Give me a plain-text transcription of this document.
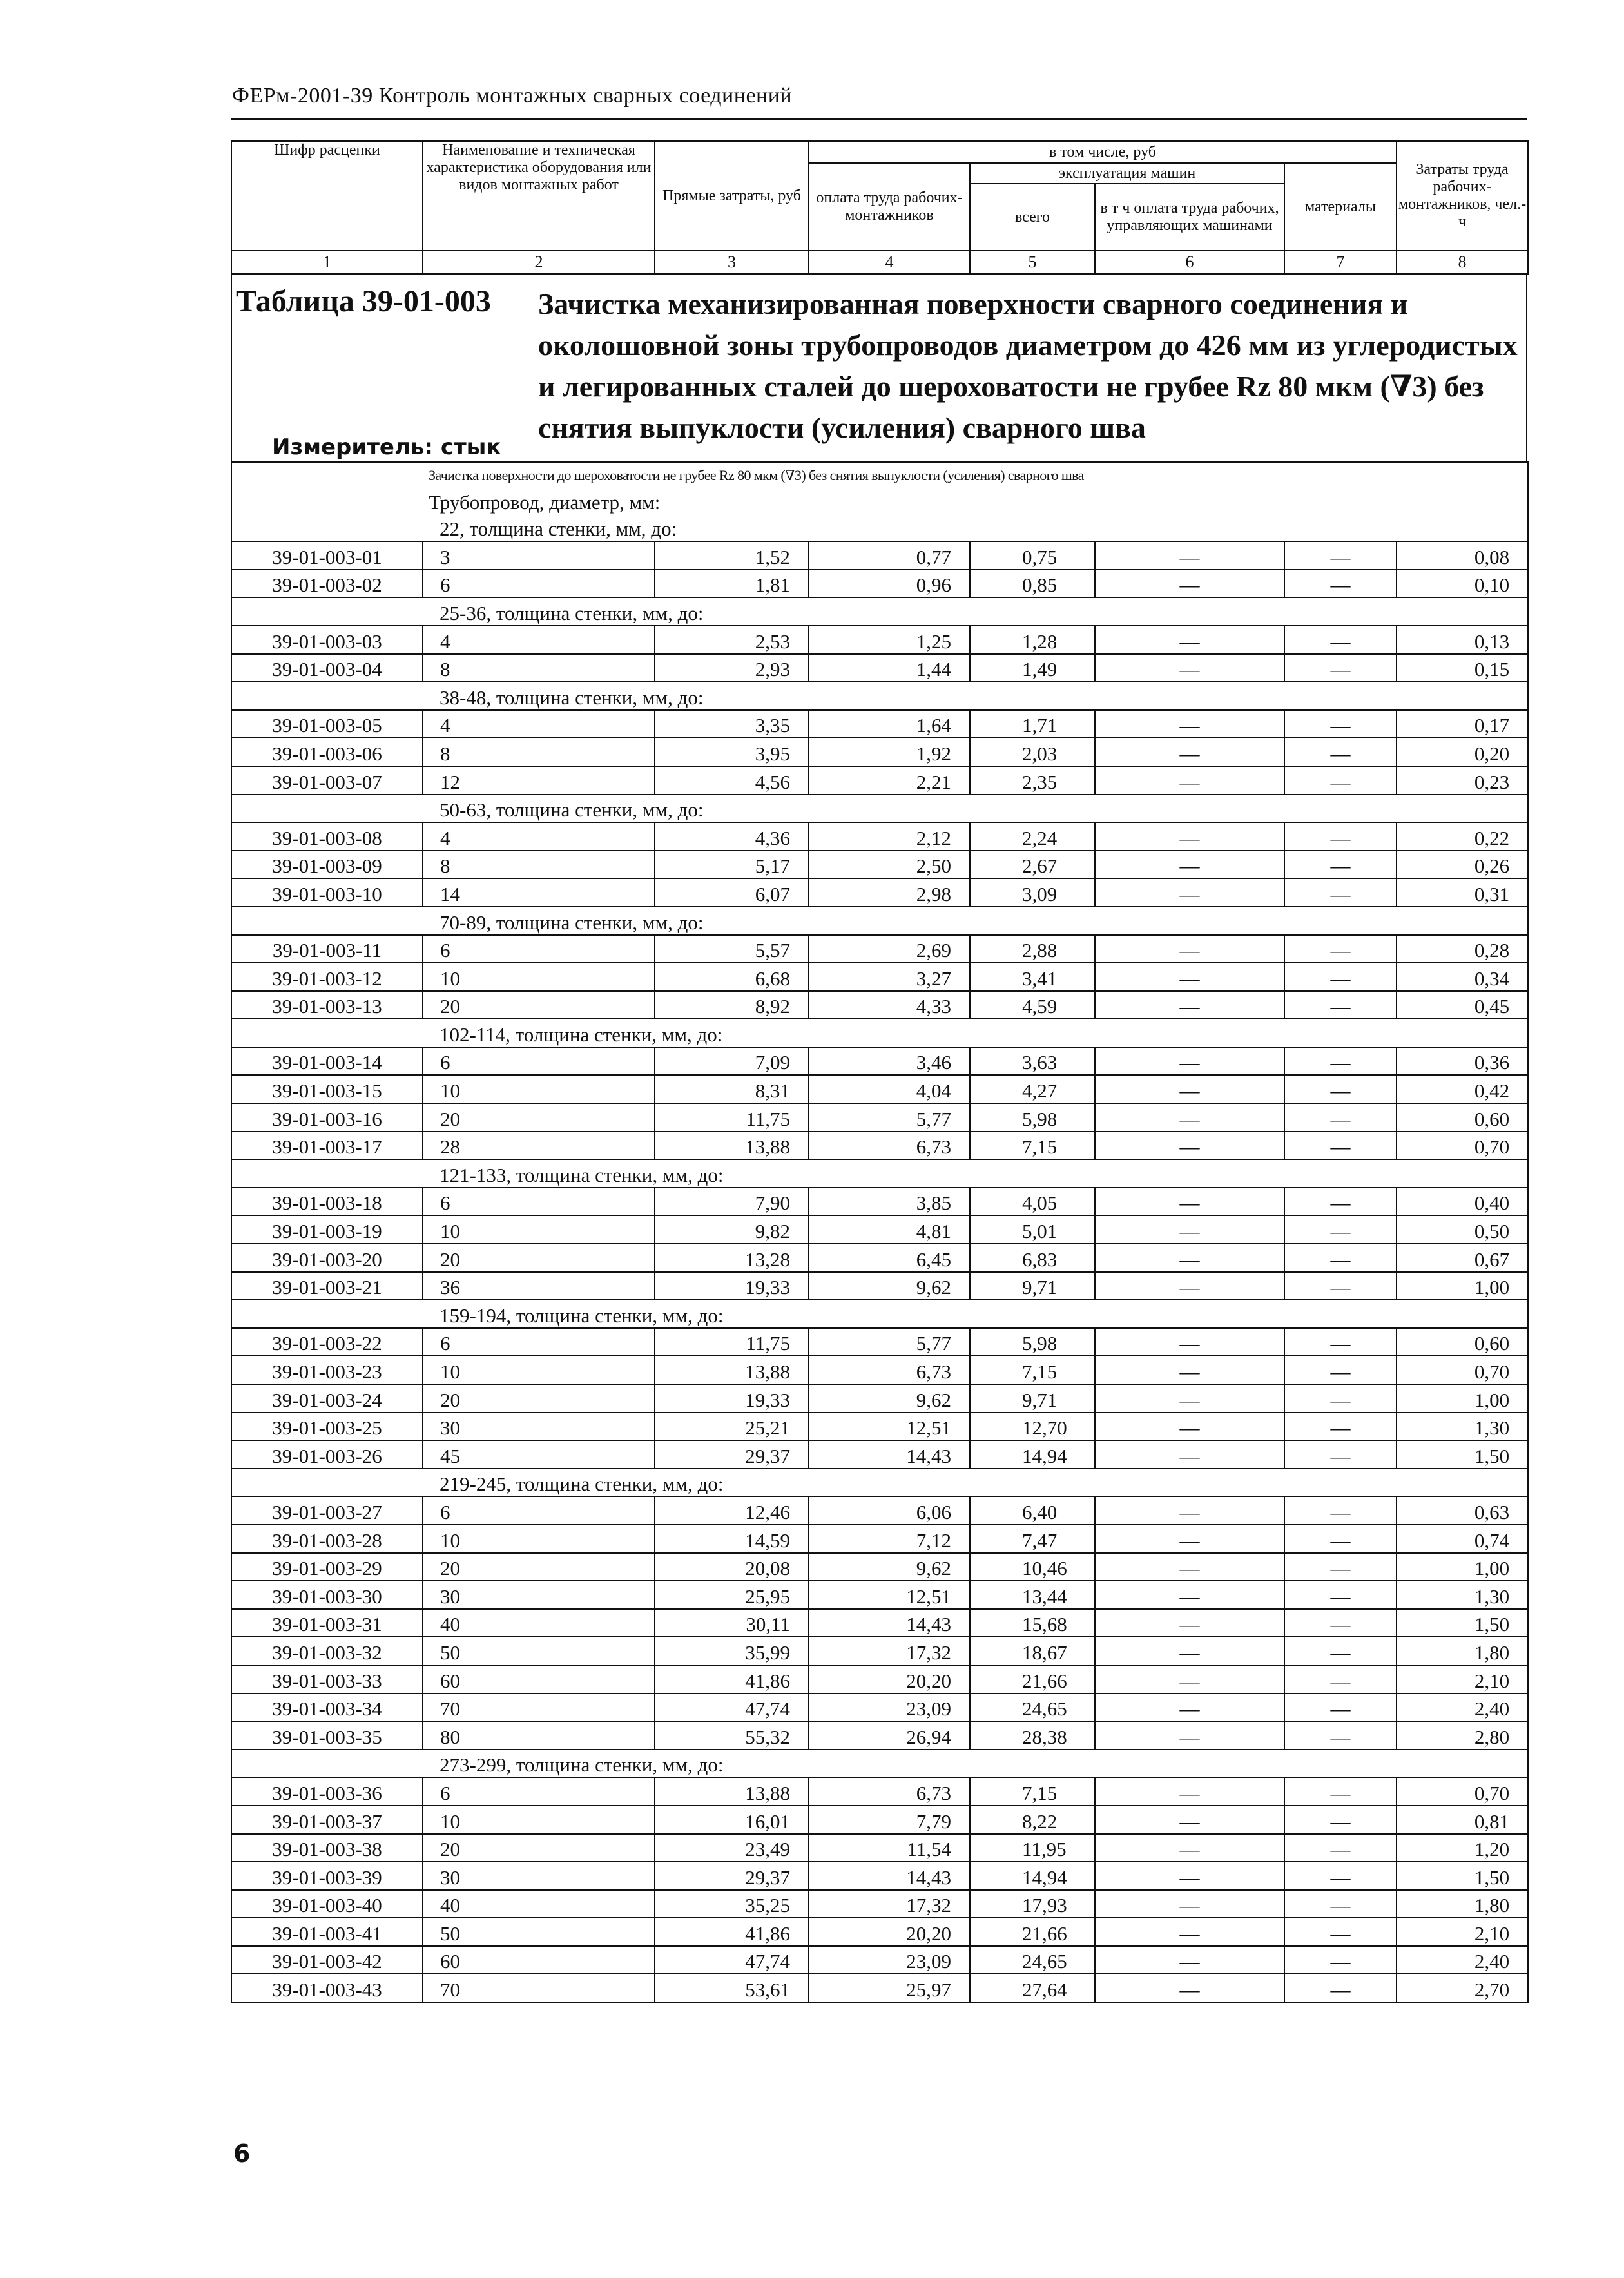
ФЕРм-2001-39 Контроль монтажных сварных соединений
Шифр расценки	Наименование и техническая характеристика оборудования или видов монтажных работ	Прямые затраты, руб	в том числе, руб				Затраты труда рабочих-монтажников, чел.-ч
			оплата труда рабочих-монтажников	эксплуатация машин		материалы	
				всего	в т ч оплата труда рабочих, управляющих машинами		
1	2	3	4	5	6	7	8
Таблица 39-01-003 Зачистка механизированная поверхности сварного соединения и околошовной зоны трубопроводов диаметром до 426 мм из углеродистых и легированных сталей до шероховатости не грубее Rz 80 мкм (∇3) без снятия выпуклости (усиления) сварного шва
Измеритель: стык
Зачистка поверхности до шероховатости не грубее Rz 80 мкм (∇3) без снятия выпуклости (усиления) сварного шва							
Трубопровод, диаметр, мм:							
22, толщина стенки, мм, до:							
39-01-003-01	3	1,52	0,77	0,75	—	—	0,08
39-01-003-02	6	1,81	0,96	0,85	—	—	0,10
25-36, толщина стенки, мм, до:							
39-01-003-03	4	2,53	1,25	1,28	—	—	0,13
39-01-003-04	8	2,93	1,44	1,49	—	—	0,15
38-48, толщина стенки, мм, до:							
39-01-003-05	4	3,35	1,64	1,71	—	—	0,17
39-01-003-06	8	3,95	1,92	2,03	—	—	0,20
39-01-003-07	12	4,56	2,21	2,35	—	—	0,23
50-63, толщина стенки, мм, до:							
39-01-003-08	4	4,36	2,12	2,24	—	—	0,22
39-01-003-09	8	5,17	2,50	2,67	—	—	0,26
39-01-003-10	14	6,07	2,98	3,09	—	—	0,31
70-89, толщина стенки, мм, до:							
39-01-003-11	6	5,57	2,69	2,88	—	—	0,28
39-01-003-12	10	6,68	3,27	3,41	—	—	0,34
39-01-003-13	20	8,92	4,33	4,59	—	—	0,45
102-114, толщина стенки, мм, до:							
39-01-003-14	6	7,09	3,46	3,63	—	—	0,36
39-01-003-15	10	8,31	4,04	4,27	—	—	0,42
39-01-003-16	20	11,75	5,77	5,98	—	—	0,60
39-01-003-17	28	13,88	6,73	7,15	—	—	0,70
121-133, толщина стенки, мм, до:							
39-01-003-18	6	7,90	3,85	4,05	—	—	0,40
39-01-003-19	10	9,82	4,81	5,01	—	—	0,50
39-01-003-20	20	13,28	6,45	6,83	—	—	0,67
39-01-003-21	36	19,33	9,62	9,71	—	—	1,00
159-194, толщина стенки, мм, до:							
39-01-003-22	6	11,75	5,77	5,98	—	—	0,60
39-01-003-23	10	13,88	6,73	7,15	—	—	0,70
39-01-003-24	20	19,33	9,62	9,71	—	—	1,00
39-01-003-25	30	25,21	12,51	12,70	—	—	1,30
39-01-003-26	45	29,37	14,43	14,94	—	—	1,50
219-245, толщина стенки, мм, до:							
39-01-003-27	6	12,46	6,06	6,40	—	—	0,63
39-01-003-28	10	14,59	7,12	7,47	—	—	0,74
39-01-003-29	20	20,08	9,62	10,46	—	—	1,00
39-01-003-30	30	25,95	12,51	13,44	—	—	1,30
39-01-003-31	40	30,11	14,43	15,68	—	—	1,50
39-01-003-32	50	35,99	17,32	18,67	—	—	1,80
39-01-003-33	60	41,86	20,20	21,66	—	—	2,10
39-01-003-34	70	47,74	23,09	24,65	—	—	2,40
39-01-003-35	80	55,32	26,94	28,38	—	—	2,80
273-299, толщина стенки, мм, до:							
39-01-003-36	6	13,88	6,73	7,15	—	—	0,70
39-01-003-37	10	16,01	7,79	8,22	—	—	0,81
39-01-003-38	20	23,49	11,54	11,95	—	—	1,20
39-01-003-39	30	29,37	14,43	14,94	—	—	1,50
39-01-003-40	40	35,25	17,32	17,93	—	—	1,80
39-01-003-41	50	41,86	20,20	21,66	—	—	2,10
39-01-003-42	60	47,74	23,09	24,65	—	—	2,40
39-01-003-43	70	53,61	25,97	27,64	—	—	2,70
6
